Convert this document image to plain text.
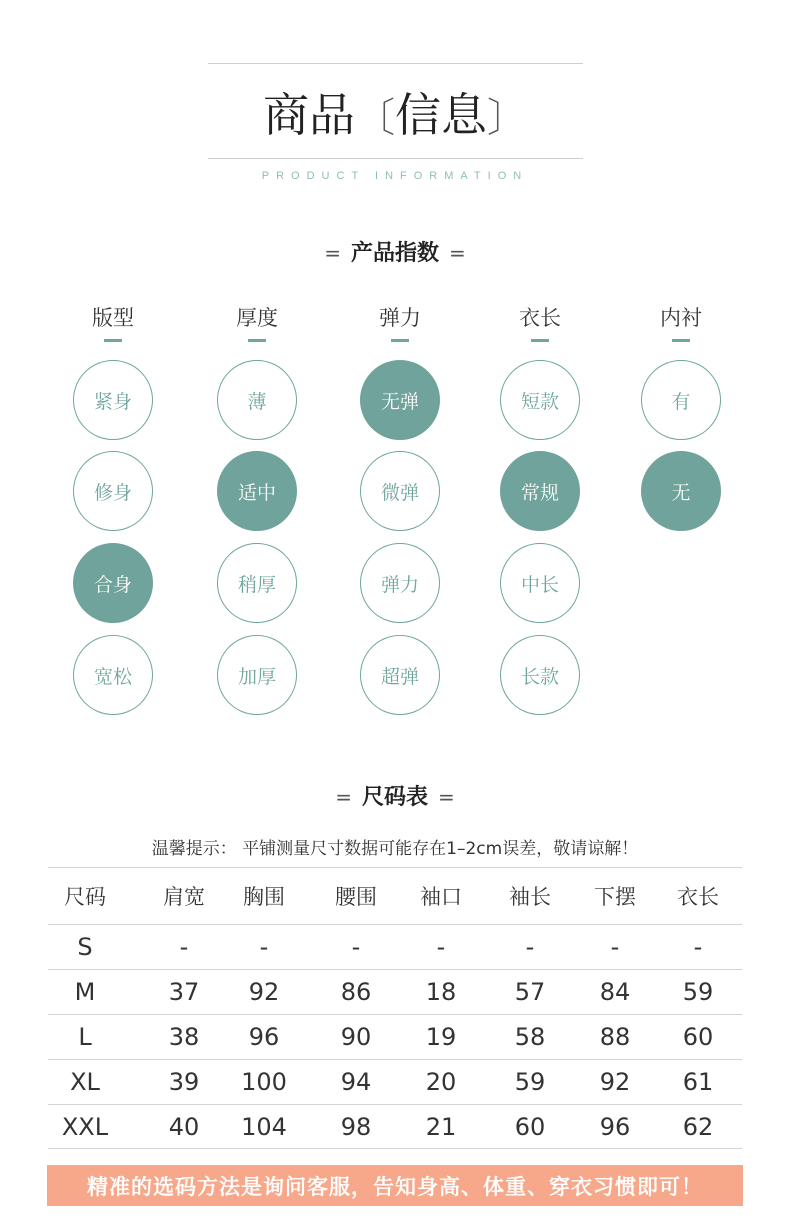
商品〔信息〕
PRODUCT INFORMATION
= 产品指数 =
版型
紧身
修身
合身
宽松
厚度
薄
适中
稍厚
加厚
弹力
无弹
微弹
弹力
超弹
衣长
短款
常规
中长
长款
内衬
有
无
= 尺码表 =
温馨提示： 平铺测量尺寸数据可能存在1–2cm误差，敬请谅解！
尺码	肩宽	胸围	腰围	袖口	袖长	下摆	衣长
S	-	-	-	-	-	-	-
M	37	92	86	18	57	84	59
L	38	96	90	19	58	88	60
XL	39	100	94	20	59	92	61
XXL	40	104	98	21	60	96	62
精准的选码方法是询问客服，告知身高、体重、穿衣习惯即可！
